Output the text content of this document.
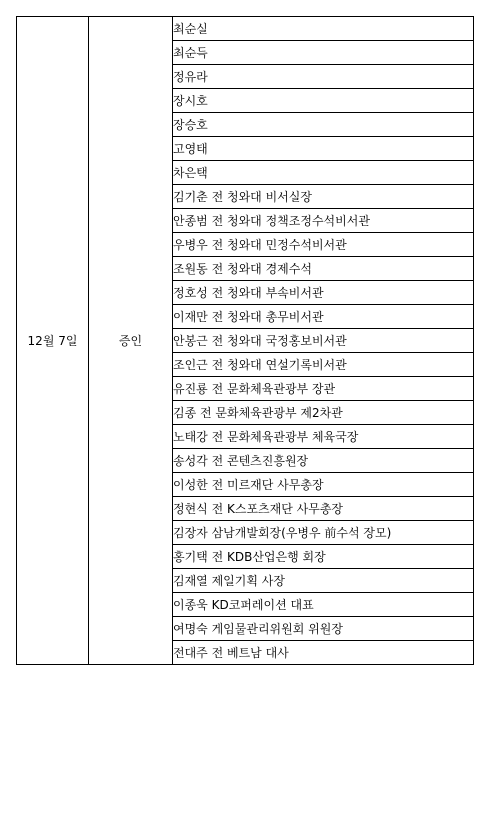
12월 7일	증인	최순실
최순득
정유라
장시호
장승호
고영태
차은택
김기춘 전 청와대 비서실장
안종범 전 청와대 정책조정수석비서관
우병우 전 청와대 민정수석비서관
조원동 전 청와대 경제수석
정호성 전 청와대 부속비서관
이재만 전 청와대 총무비서관
안봉근 전 청와대 국정홍보비서관
조인근 전 청와대 연설기록비서관
유진룡 전 문화체육관광부 장관
김종 전 문화체육관광부 제2차관
노태강 전 문화체육관광부 체육국장
송성각 전 콘텐츠진흥원장
이성한 전 미르재단 사무총장
정현식 전 K스포츠재단 사무총장
김장자 삼남개발회장(우병우 前수석 장모)
홍기택 전 KDB산업은행 회장
김재열 제일기획 사장
이종욱 KD코퍼레이션 대표
여명숙 게임물관리위원회 위원장
전대주 전 베트남 대사
